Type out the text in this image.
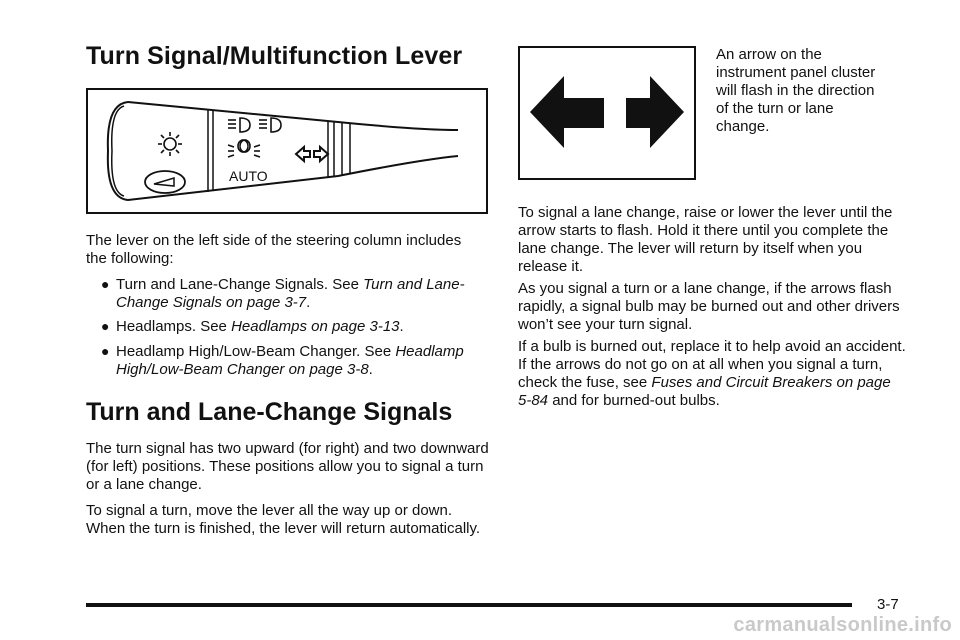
Turn Signal/Multifunction Lever
AUTO

The lever on the left side of the steering column includes the following:

● Turn and Lane-Change Signals. See Turn and Lane-Change Signals on page 3-7.
● Headlamps. See Headlamps on page 3-13.
● Headlamp High/Low-Beam Changer. See Headlamp High/Low-Beam Changer on page 3-8.
Turn and Lane-Change Signals

The turn signal has two upward (for right) and two downward (for left) positions. These positions allow you to signal a turn or a lane change.

To signal a turn, move the lever all the way up or down. When the turn is finished, the lever will return automatically.

An arrow on the instrument panel cluster will flash in the direction of the turn or lane change.

To signal a lane change, raise or lower the lever until the arrow starts to flash. Hold it there until you complete the lane change. The lever will return by itself when you release it.

As you signal a turn or a lane change, if the arrows flash rapidly, a signal bulb may be burned out and other drivers won’t see your turn signal.

If a bulb is burned out, replace it to help avoid an accident. If the arrows do not go on at all when you signal a turn, check the fuse, see Fuses and Circuit Breakers on page 5-84 and for burned-out bulbs.

3-7
carmanualsonline.info
